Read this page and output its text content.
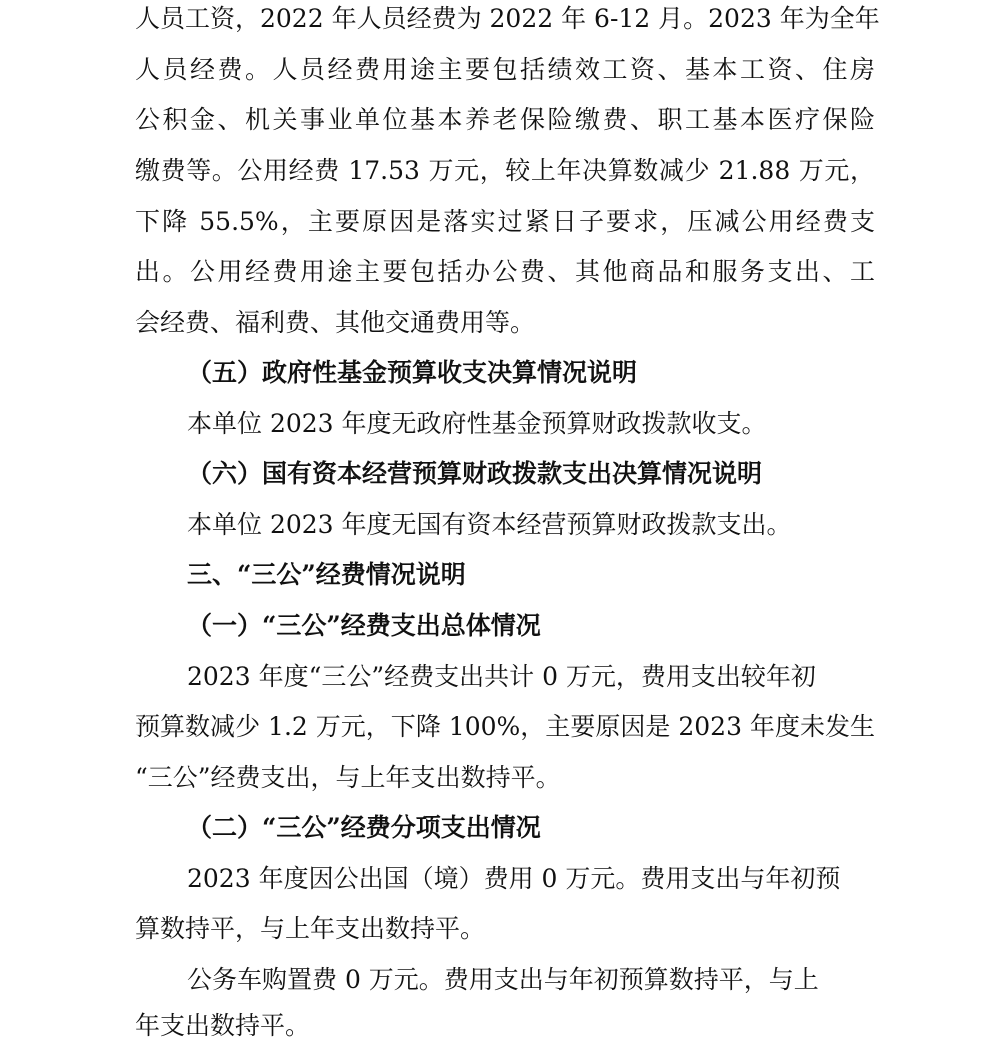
人员工资，2022 年人员经费为 2022 年 6-12 月。2023 年为全年
人员经费。人员经费用途主要包括绩效工资、基本工资、住房
公积金、机关事业单位基本养老保险缴费、职工基本医疗保险
缴费等。公用经费 17.53 万元，较上年决算数减少 21.88 万元，
下降 55.5%，主要原因是落实过紧日子要求，压减公用经费支
出。公用经费用途主要包括办公费、其他商品和服务支出、工
会经费、福利费、其他交通费用等。
（五）政府性基金预算收支决算情况说明
本单位 2023 年度无政府性基金预算财政拨款收支。
（六）国有资本经营预算财政拨款支出决算情况说明
本单位 2023 年度无国有资本经营预算财政拨款支出。
三、“三公”经费情况说明
（一）“三公”经费支出总体情况
2023 年度“三公”经费支出共计 0 万元，费用支出较年初
预算数减少 1.2 万元，下降 100%，主要原因是 2023 年度未发生
“三公”经费支出，与上年支出数持平。
（二）“三公”经费分项支出情况
2023 年度因公出国（境）费用 0 万元。费用支出与年初预
算数持平，与上年支出数持平。
公务车购置费 0 万元。费用支出与年初预算数持平，与上
年支出数持平。
